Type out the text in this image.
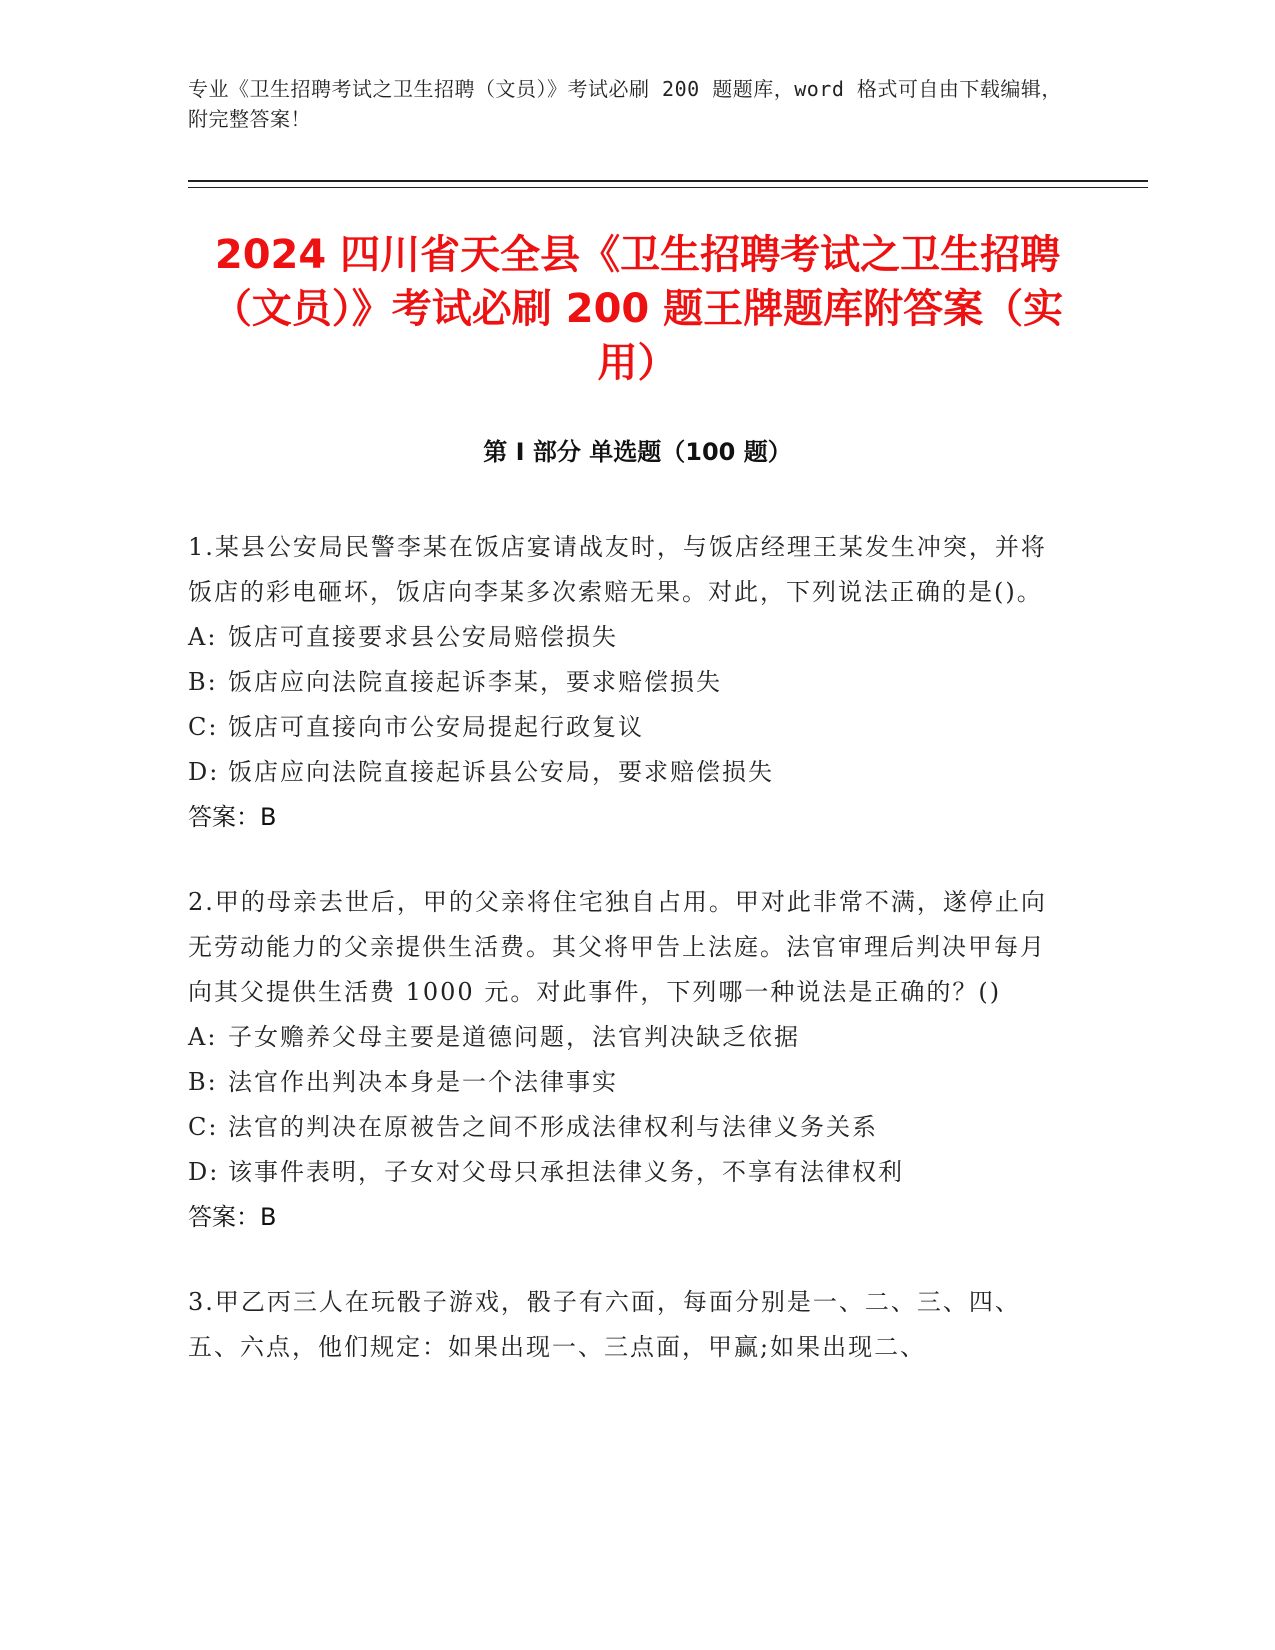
专业《卫生招聘考试之卫生招聘（文员）》考试必刷 200 题题库，word 格式可自由下载编辑，附完整答案！
2024 四川省天全县《卫生招聘考试之卫生招聘（文员）》考试必刷 200 题王牌题库附答案（实用）
第 I 部分 单选题（100 题）
1.某县公安局民警李某在饭店宴请战友时，与饭店经理王某发生冲突，并将饭店的彩电砸坏，饭店向李某多次索赔无果。对此，下列说法正确的是()。
A: 饭店可直接要求县公安局赔偿损失
B: 饭店应向法院直接起诉李某，要求赔偿损失
C: 饭店可直接向市公安局提起行政复议
D: 饭店应向法院直接起诉县公安局，要求赔偿损失
答案：B
2.甲的母亲去世后，甲的父亲将住宅独自占用。甲对此非常不满，遂停止向无劳动能力的父亲提供生活费。其父将甲告上法庭。法官审理后判决甲每月向其父提供生活费 1000 元。对此事件，下列哪一种说法是正确的？()
A: 子女赡养父母主要是道德问题，法官判决缺乏依据
B: 法官作出判决本身是一个法律事实
C: 法官的判决在原被告之间不形成法律权利与法律义务关系
D: 该事件表明，子女对父母只承担法律义务，不享有法律权利
答案：B
3.甲乙丙三人在玩骰子游戏，骰子有六面，每面分别是一、二、三、四、五、六点，他们规定：如果出现一、三点面，甲赢;如果出现二、
